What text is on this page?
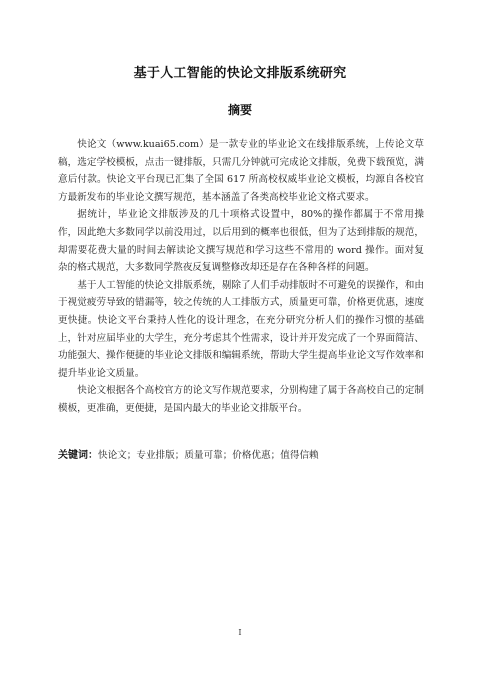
基于人工智能的快论文排版系统研究
摘要

快论文（www.kuai65.com）是一款专业的毕业论文在线排版系统，上传论文草稿，选定学校模板，点击一键排版，只需几分钟就可完成论文排版，免费下载预览，满意后付款。快论文平台现已汇集了全国 617 所高校权威毕业论文模板，均源自各校官方最新发布的毕业论文撰写规范，基本涵盖了各类高校毕业论文格式要求。

据统计，毕业论文排版涉及的几十项格式设置中，80%的操作都属于不常用操作，因此绝大多数同学以前没用过，以后用到的概率也很低，但为了达到排版的规范，却需要花费大量的时间去解读论文撰写规范和学习这些不常用的 word 操作。面对复杂的格式规范，大多数同学熬夜反复调整修改却还是存在各种各样的问题。

基于人工智能的快论文排版系统，剔除了人们手动排版时不可避免的误操作，和由于视觉疲劳导致的错漏等，较之传统的人工排版方式，质量更可靠，价格更优惠，速度更快捷。快论文平台秉持人性化的设计理念，在充分研究分析人们的操作习惯的基础上，针对应届毕业的大学生，充分考虑其个性需求，设计并开发完成了一个界面简洁、功能强大、操作便捷的毕业论文排版和编辑系统，帮助大学生提高毕业论文写作效率和提升毕业论文质量。

快论文根据各个高校官方的论文写作规范要求，分别构建了属于各高校自己的定制模板，更准确，更便捷，是国内最大的毕业论文排版平台。

关键词：快论文；专业排版；质量可靠；价格优惠；值得信赖
I
